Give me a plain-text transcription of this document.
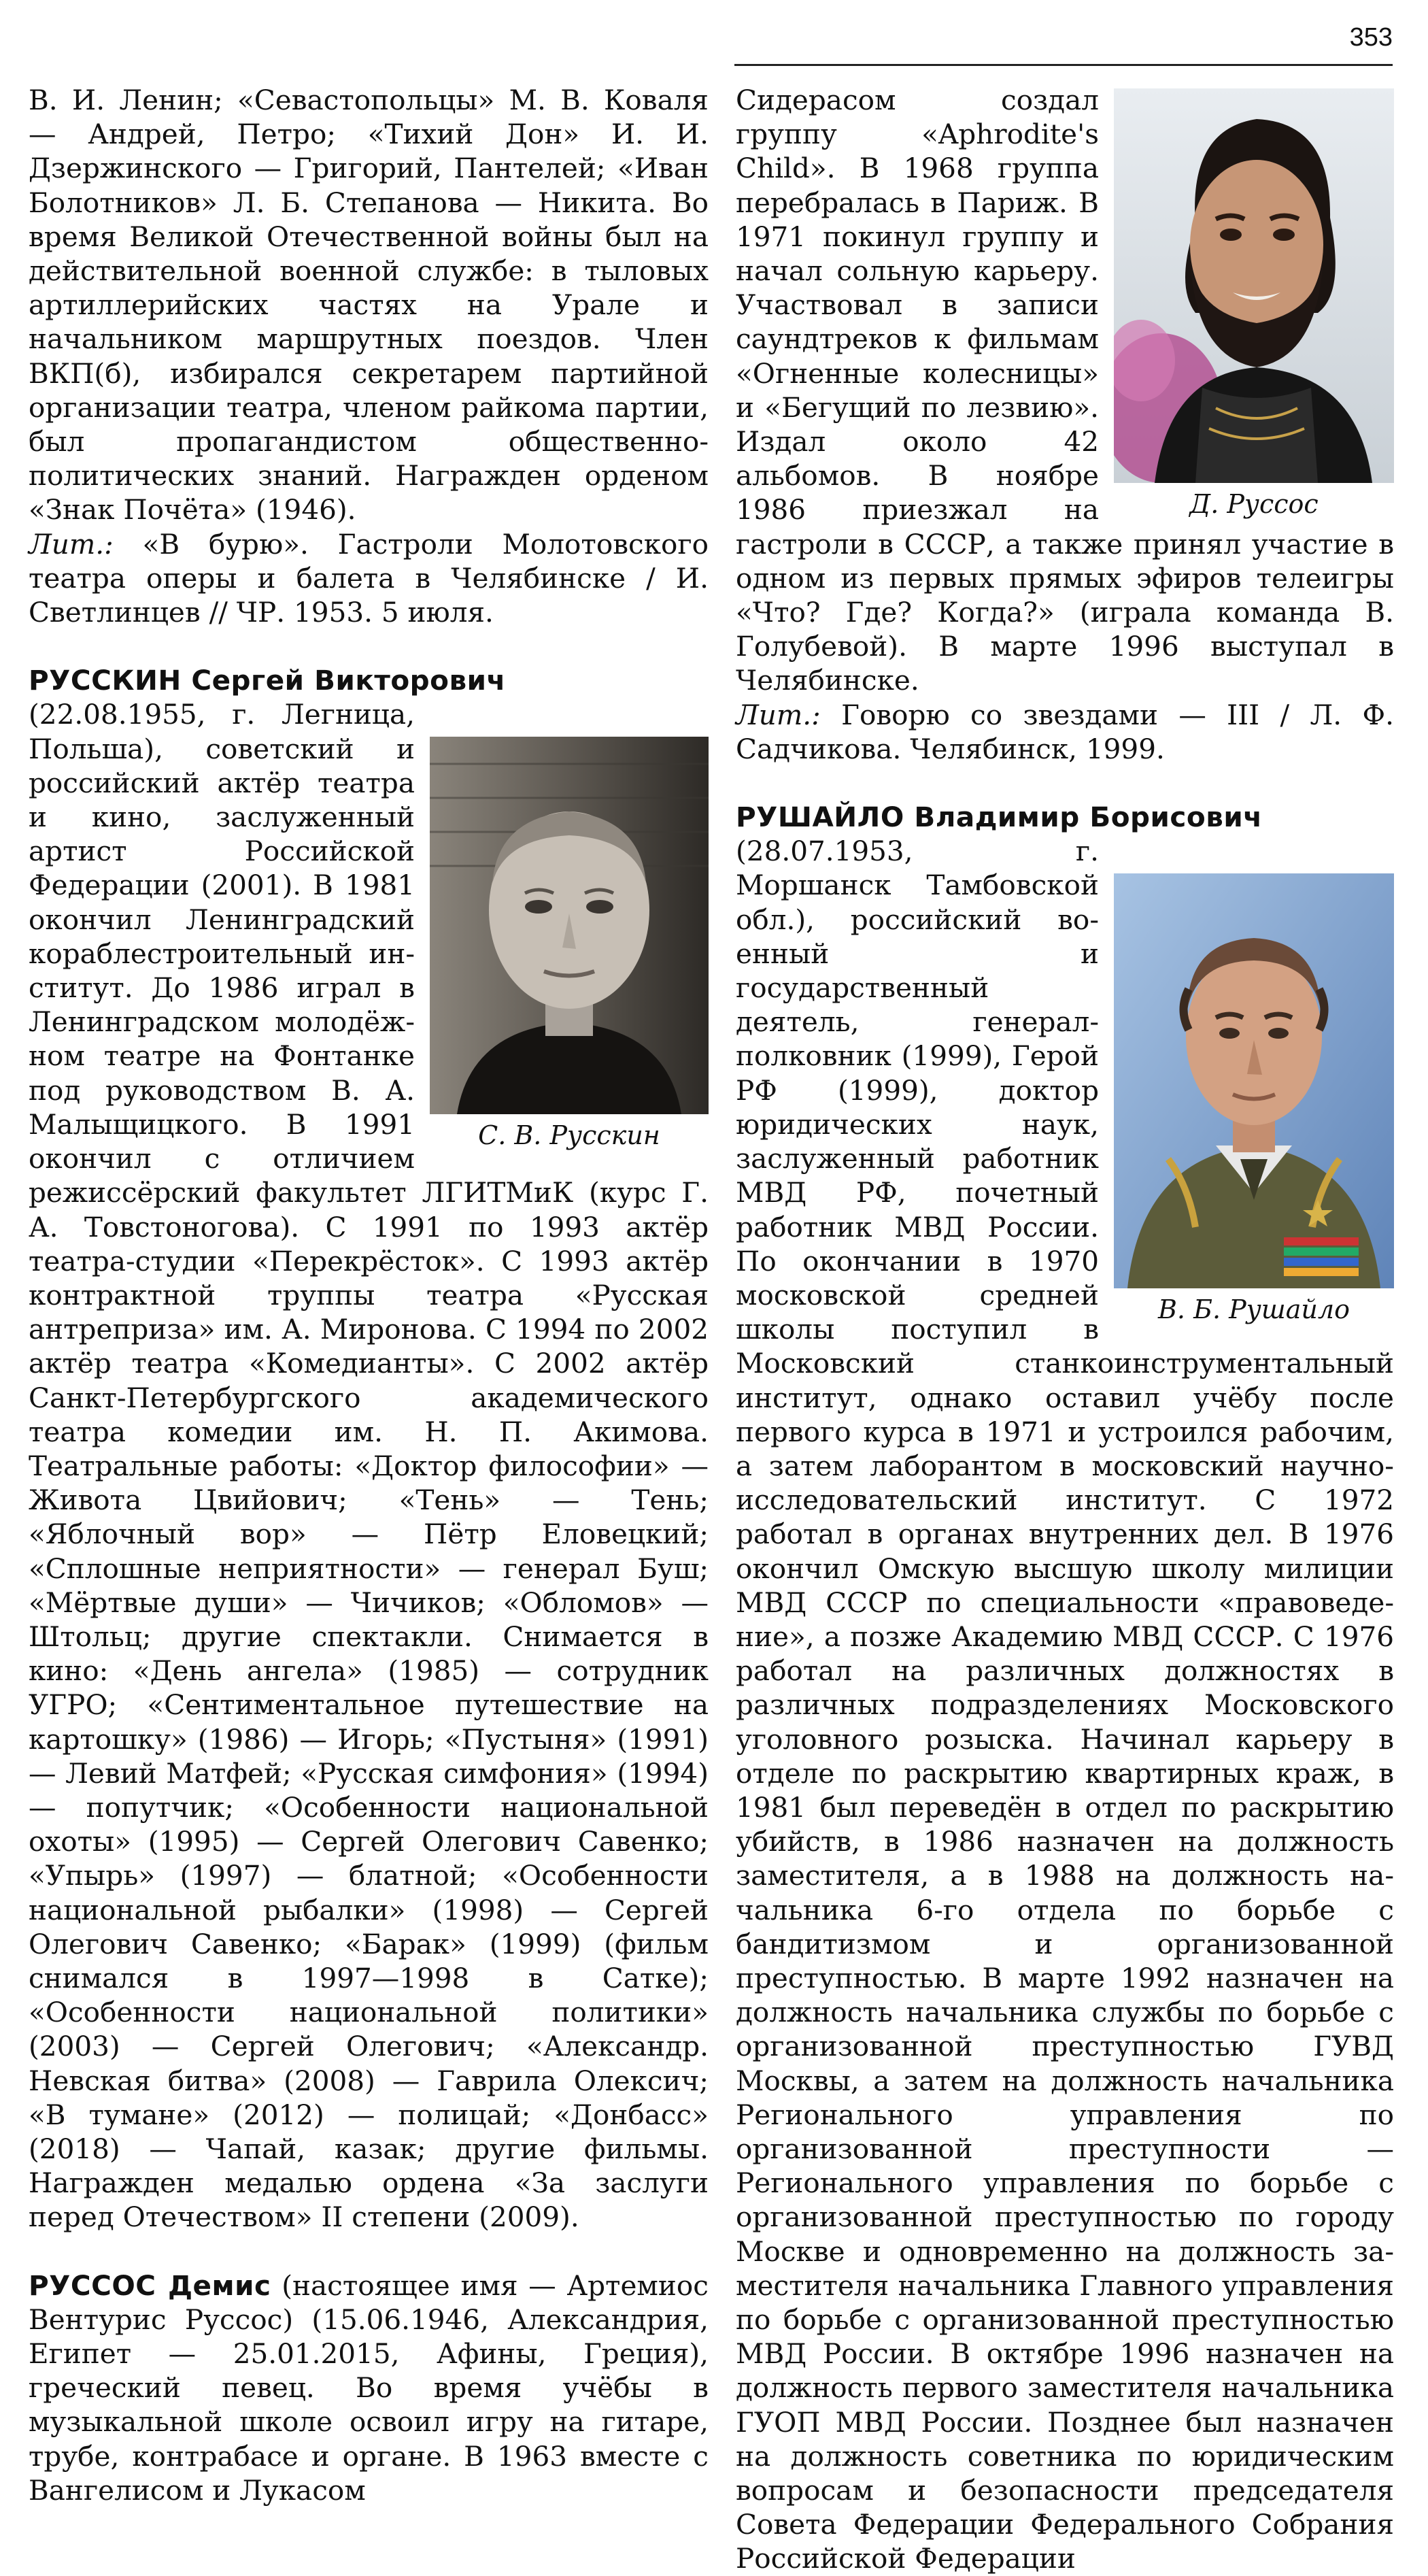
353

В. И. Ленин; «Севастопольцы» М. В. Коваля — Андрей, Петро; «Тихий Дон» И. И. Дзержинского — Григорий, Пантелей; «Иван Болотников» Л. Б. Степанова — Никита. Во время Великой Отечественной войны был на действительной военной службе: в тыловых артиллерийских частях на Урале и начальником маршрутных поездов. Член ВКП(б), избирался секретарем партийной организации театра, членом райкома партии, был пропагандистом общественно-политических знаний. Награжден орденом «Знак Почёта» (1946).
Лит.: «В бурю». Гастроли Молотовского театра оперы и балета в Челябинске / И. Светлинцев // ЧР. 1953. 5 июля.

РУССКИН Сергей Викторович

С. В. Русскин
(22.08.1955, г. Легница, Польша), советский и российский актёр театра и кино, заслуженный артист Российской Федерации (2001). В 1981 окончил Ленинградский кораблестроительный институт. До 1986 играл в Ленинградском молодёжном театре на Фонтанке под руководством В. А. Малыщицкого. В 1991 окончил с отличием режиссёрский факультет ЛГИТМиК (курс Г. А. Товстоногова). С 1991 по 1993 актёр театра-студии «Перекрёсток». С 1993 актёр контрактной труппы театра «Русская антреприза» им. А. Миронова. С 1994 по 2002 актёр театра «Комедианты». С 2002 актёр Санкт-Петербургского академического театра комедии им. Н. П. Акимова. Театральные работы: «Доктор философии» — Живота Цвийович; «Тень» — Тень; «Яблочный вор» — Пётр Еловецкий; «Сплошные неприятности» — генерал Буш; «Мёртвые души» — Чичиков; «Обломов» — Штольц; другие спектакли. Снимается в кино: «День ангела» (1985) — сотрудник УГРО; «Сентиментальное путешествие на картошку» (1986) — Игорь; «Пустыня» (1991) — Левий Матфей; «Русская симфония» (1994) — попутчик; «Особенности национальной охоты» (1995) — Сергей Олегович Савенко; «Упырь» (1997) — блатной; «Особенности национальной рыбалки» (1998) — Сергей Олегович Савенко; «Барак» (1999) (фильм снимался в 1997—1998 в Сатке); «Особенности национальной политики» (2003) — Сергей Олегович; «Александр. Невская битва» (2008) — Гаврила Олексич; «В тумане» (2012) — полицай; «Донбасс» (2018) — Чапай, казак; другие фильмы. Награжден медалью ордена «За заслуги перед Отечеством» II степени (2009).

РУССОС Демис (настоящее имя — Артемиос Вентурис Руссос) (15.06.1946, Александрия, Египет — 25.01.2015, Афины, Греция), греческий певец. Во время учёбы в музыкальной школе освоил игру на гитаре, трубе, контрабасе и органе. В 1963 вместе с Вангелисом и Лукасом

Д. Руссос

Сидерасом создал группу «Aphrodite's Child». В 1968 группа перебралась в Париж. В 1971 покинул группу и начал сольную карьеру. Участвовал в записи саундтреков к фильмам «Огненные колесницы» и «Бегущий по лезвию». Издал около 42 альбомов. В ноябре 1986 приезжал на гастроли в СССР, а также принял участие в одном из первых прямых эфиров телеигры «Что? Где? Когда?» (играла команда В. Голубевой). В марте 1996 выступал в Челябинске.
Лит.: Говорю со звездами — III / Л. Ф. Садчикова. Челябинск, 1999.

РУШАЙЛО Владимир Борисович

В. Б. Рушайло
(28.07.1953, г. Моршанск Тамбовской обл.), российский военный и государственный деятель, генерал-полковник (1999), Герой РФ (1999), доктор юридических наук, заслуженный работник МВД РФ, почетный работник МВД России. По окончании в 1970 московской средней школы поступил в Московский станкоинструментальный институт, однако оставил учёбу после первого курса в 1971 и устроился рабочим, а затем лаборантом в московский научно-исследовательский институт. С 1972 работал в органах внутренних дел. В 1976 окончил Омскую высшую школу милиции МВД СССР по специальности «правоведение», а позже Академию МВД СССР. С 1976 работал на различных должностях в различных подразделениях Московского уголовного розыска. Начинал карьеру в отделе по раскрытию квартирных краж, в 1981 был переведён в отдел по раскрытию убийств, в 1986 назначен на должность заместителя, а в 1988 на должность начальника 6-го отдела по борьбе с бандитизмом и организованной преступностью. В марте 1992 назначен на должность начальника службы по борьбе с организованной преступностью ГУВД Москвы, а затем на должность начальника Регионального управления по организованной преступности — Регионального управления по борьбе с организованной преступностью по городу Москве и одновременно на должность заместителя начальника Главного управления по борьбе с организованной преступностью МВД России. В октябре 1996 назначен на должность первого заместителя начальника ГУОП МВД России. Позднее был назначен на должность советника по юридическим вопросам и безопасности председателя Совета Федерации Федерального Собрания Российской Федерации
